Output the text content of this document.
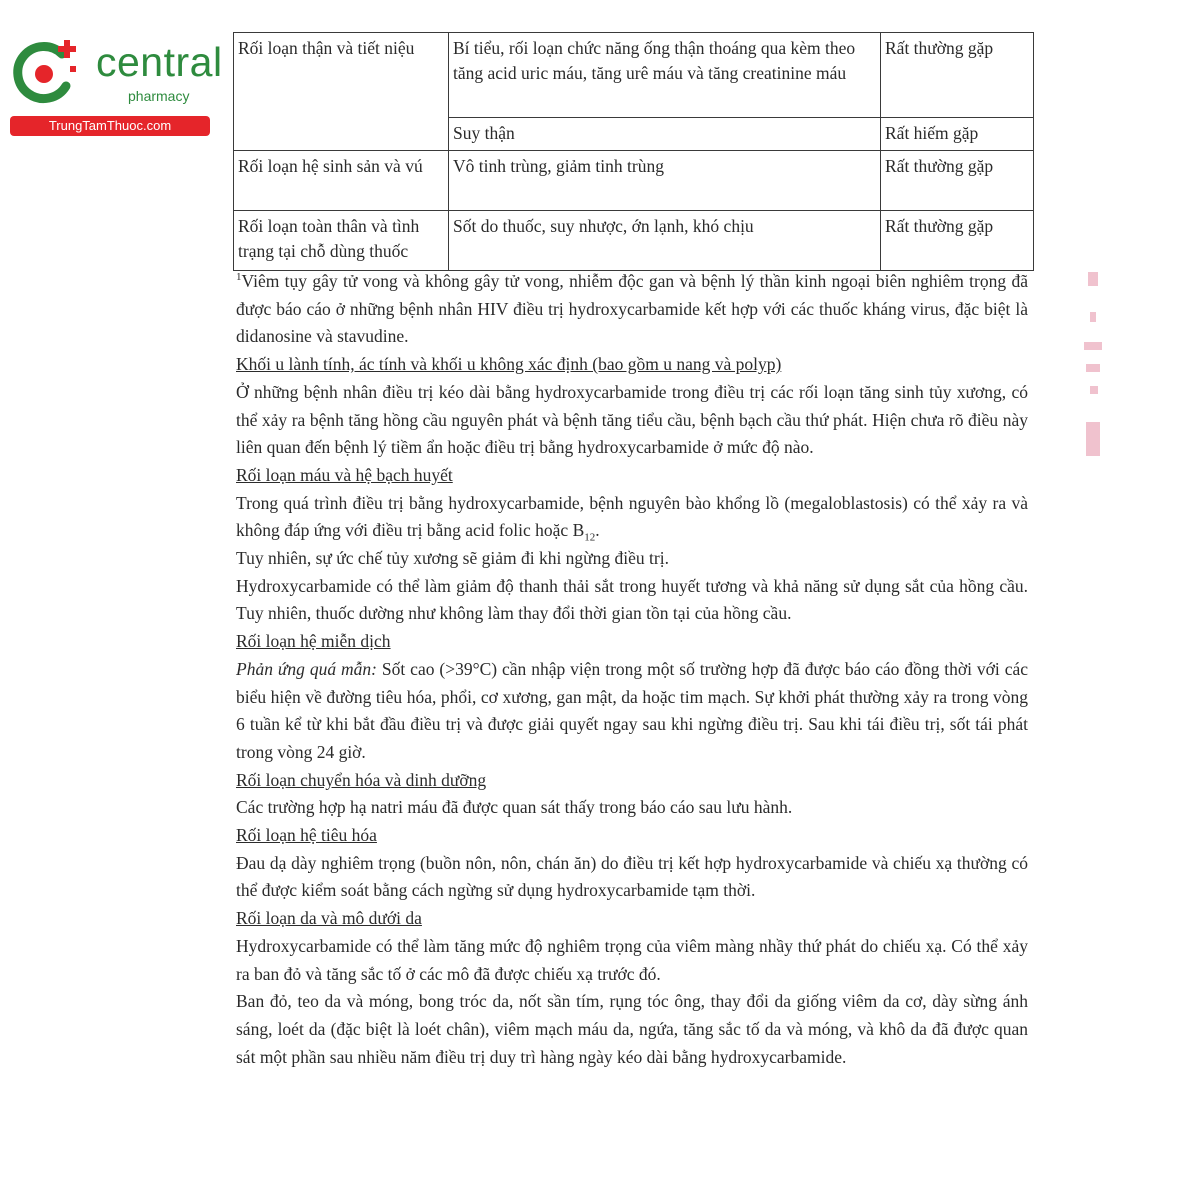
central
pharmacy
TrungTamThuoc.com
Rối loạn thận và tiết niệu	Bí tiểu, rối loạn chức năng ống thận thoáng qua kèm theo tăng acid uric máu, tăng urê máu và tăng creatinine máu	Rất thường gặp
	Suy thận	Rất hiếm gặp
Rối loạn hệ sinh sản và vú	Vô tinh trùng, giảm tinh trùng	Rất thường gặp
Rối loạn toàn thân và tình trạng tại chỗ dùng thuốc	Sốt do thuốc, suy nhược, ớn lạnh, khó chịu	Rất thường gặp

$^1$Viêm tụy gây tử vong và không gây tử vong, nhiễm độc gan và bệnh lý thần kinh ngoại biên nghiêm trọng đã được báo cáo ở những bệnh nhân HIV điều trị hydroxycarbamide kết hợp với các thuốc kháng virus, đặc biệt là didanosine và stavudine.

Khối u lành tính, ác tính và khối u không xác định (bao gồm u nang và polyp)

Ở những bệnh nhân điều trị kéo dài bằng hydroxycarbamide trong điều trị các rối loạn tăng sinh tủy xương, có thể xảy ra bệnh tăng hồng cầu nguyên phát và bệnh tăng tiểu cầu, bệnh bạch cầu thứ phát. Hiện chưa rõ điều này liên quan đến bệnh lý tiềm ẩn hoặc điều trị bằng hydroxycarbamide ở mức độ nào.

Rối loạn máu và hệ bạch huyết

Trong quá trình điều trị bằng hydroxycarbamide, bệnh nguyên bào khổng lồ (megaloblastosis) có thể xảy ra và không đáp ứng với điều trị bằng acid folic hoặc $B_{12}$.

Tuy nhiên, sự ức chế tủy xương sẽ giảm đi khi ngừng điều trị.

Hydroxycarbamide có thể làm giảm độ thanh thải sắt trong huyết tương và khả năng sử dụng sắt của hồng cầu. Tuy nhiên, thuốc dường như không làm thay đổi thời gian tồn tại của hồng cầu.

Rối loạn hệ miễn dịch

Phản ứng quá mẫn: Sốt cao (>39°C) cần nhập viện trong một số trường hợp đã được báo cáo đồng thời với các biểu hiện về đường tiêu hóa, phổi, cơ xương, gan mật, da hoặc tim mạch. Sự khởi phát thường xảy ra trong vòng 6 tuần kể từ khi bắt đầu điều trị và được giải quyết ngay sau khi ngừng điều trị. Sau khi tái điều trị, sốt tái phát trong vòng 24 giờ.

Rối loạn chuyển hóa và dinh dưỡng

Các trường hợp hạ natri máu đã được quan sát thấy trong báo cáo sau lưu hành.

Rối loạn hệ tiêu hóa

Đau dạ dày nghiêm trọng (buồn nôn, nôn, chán ăn) do điều trị kết hợp hydroxycarbamide và chiếu xạ thường có thể được kiểm soát bằng cách ngừng sử dụng hydroxycarbamide tạm thời.

Rối loạn da và mô dưới da

Hydroxycarbamide có thể làm tăng mức độ nghiêm trọng của viêm màng nhầy thứ phát do chiếu xạ. Có thể xảy ra ban đỏ và tăng sắc tố ở các mô đã được chiếu xạ trước đó.

Ban đỏ, teo da và móng, bong tróc da, nốt sần tím, rụng tóc ông, thay đổi da giống viêm da cơ, dày sừng ánh sáng, loét da (đặc biệt là loét chân), viêm mạch máu da, ngứa, tăng sắc tố da và móng, và khô da đã được quan sát một phần sau nhiều năm điều trị duy trì hàng ngày kéo dài bằng hydroxycarbamide.
